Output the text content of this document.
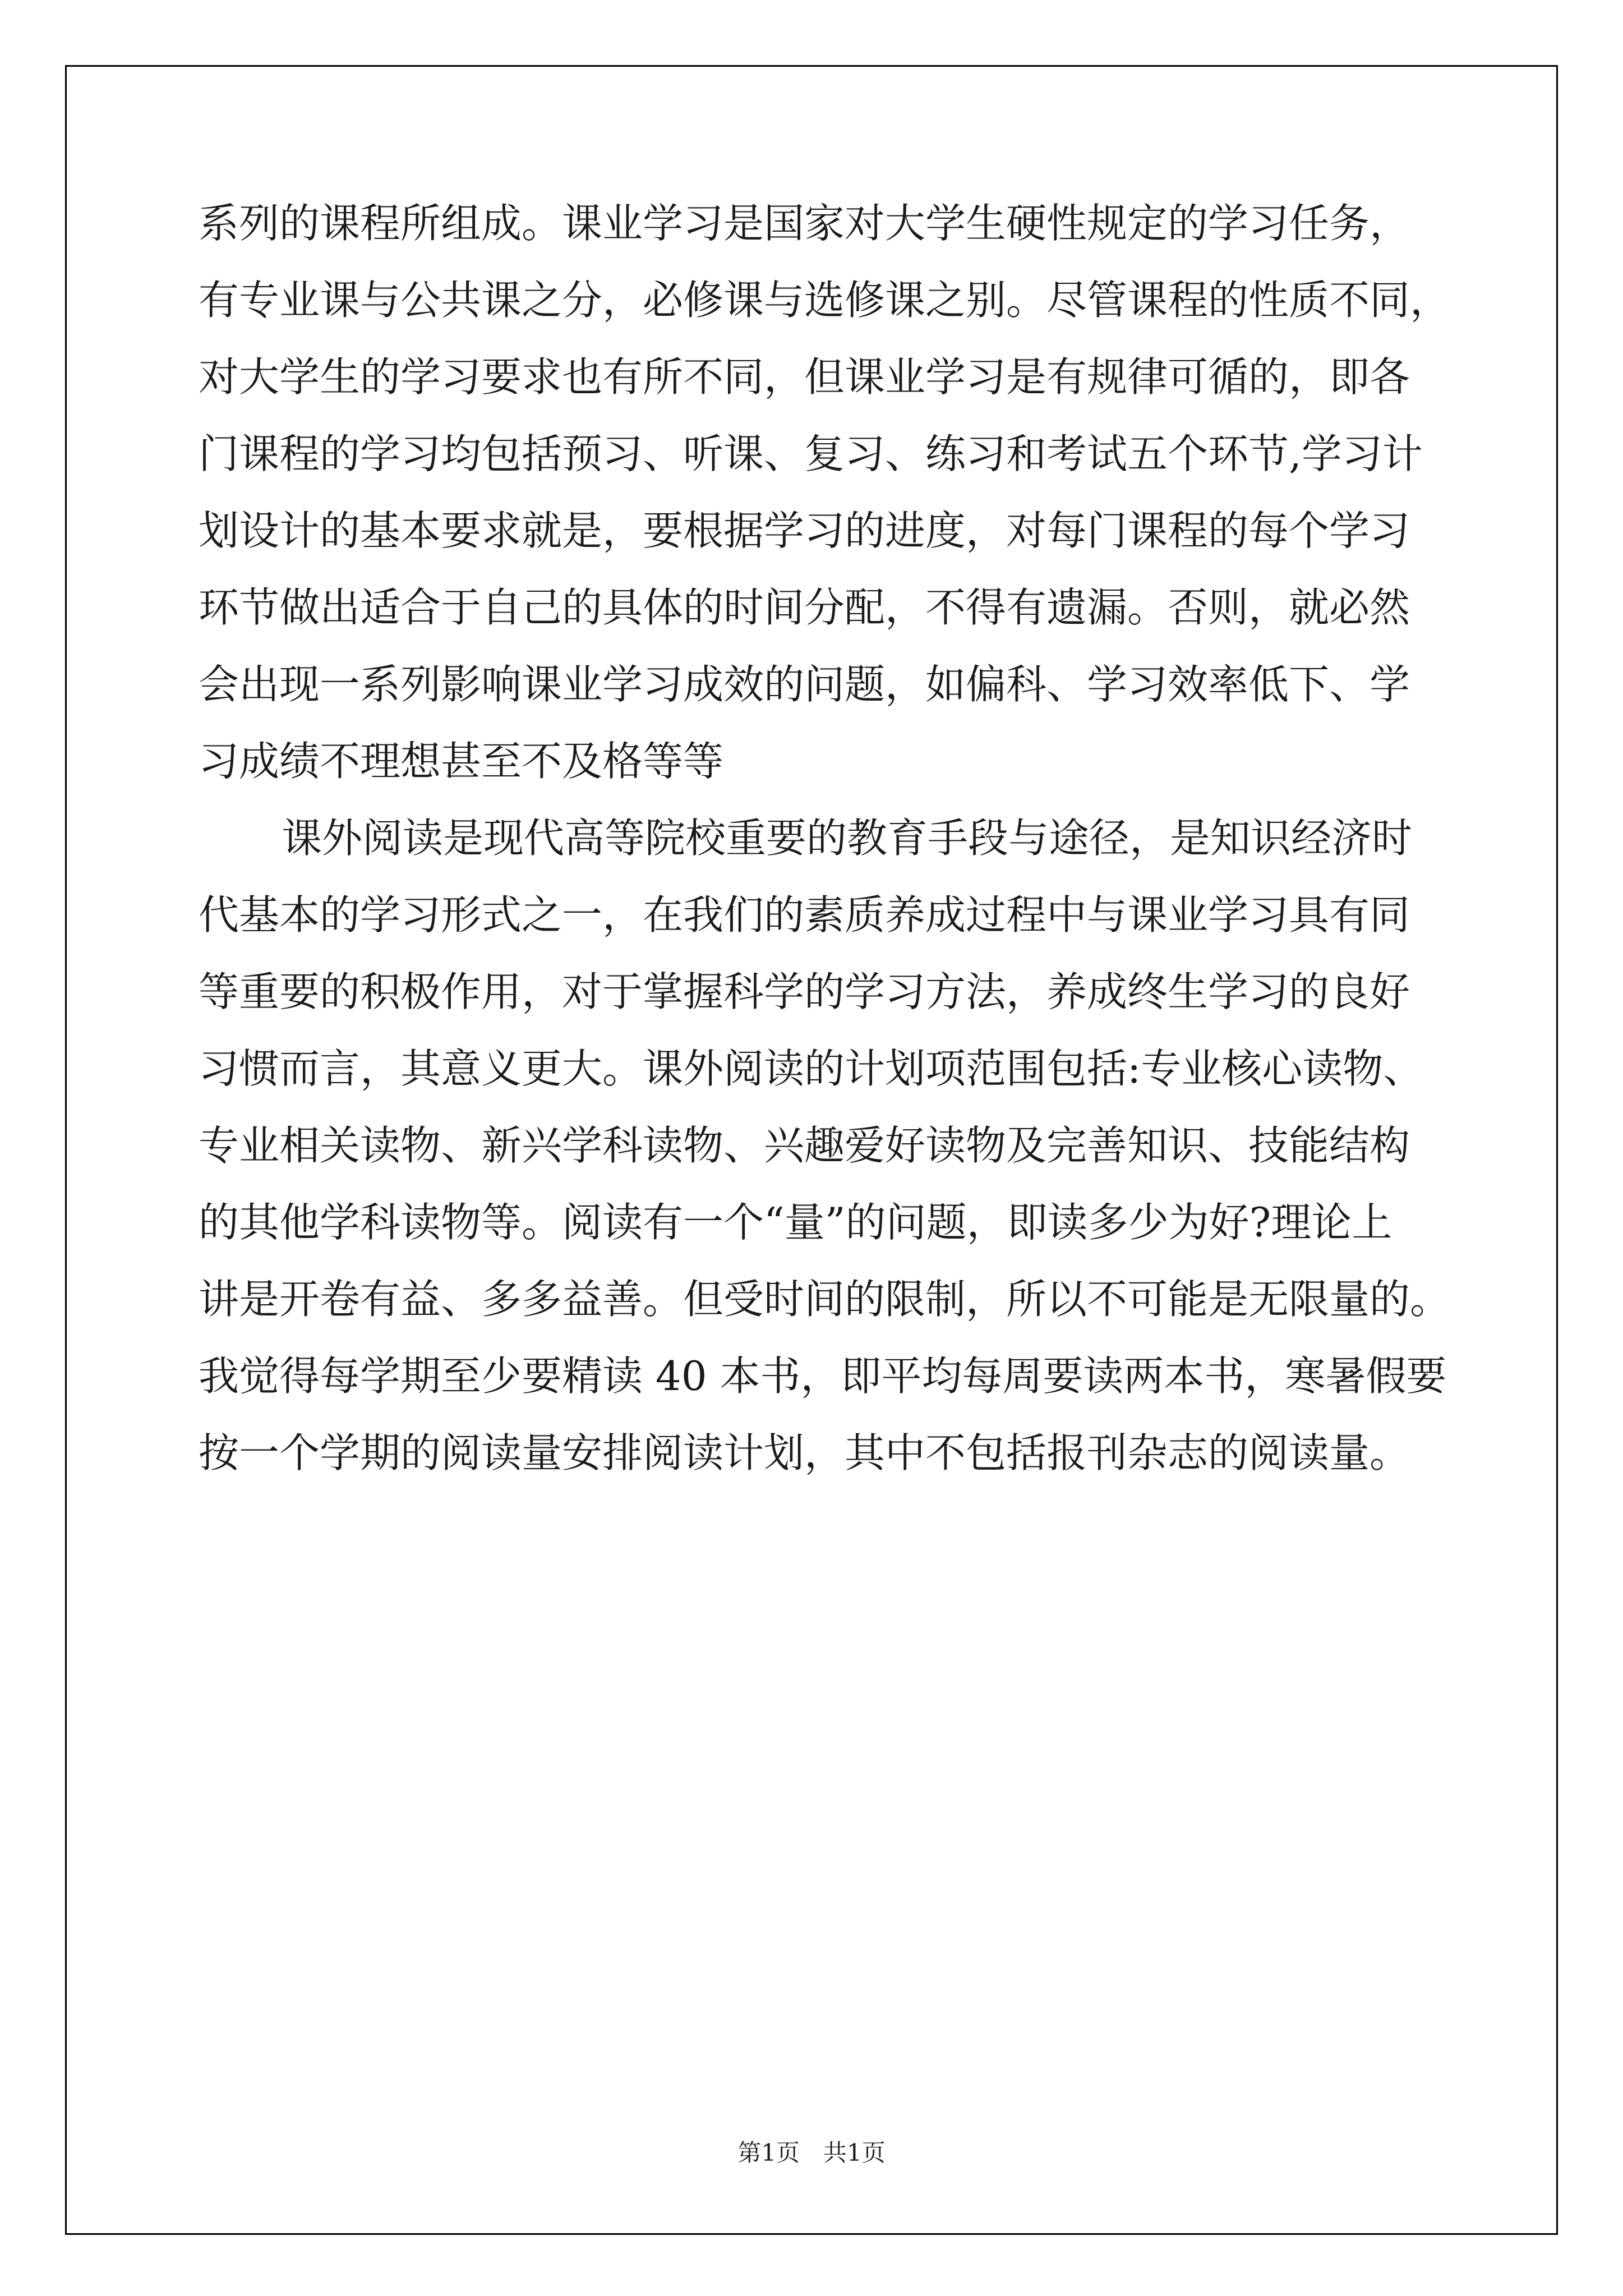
系列的课程所组成。课业学习是国家对大学生硬性规定的学习任务，
有专业课与公共课之分，必修课与选修课之别。尽管课程的性质不同，
对大学生的学习要求也有所不同，但课业学习是有规律可循的，即各
门课程的学习均包括预习、听课、复习、练习和考试五个环节,学习计
划设计的基本要求就是，要根据学习的进度，对每门课程的每个学习
环节做出适合于自己的具体的时间分配，不得有遗漏。否则，就必然
会出现一系列影响课业学习成效的问题，如偏科、学习效率低下、学
习成绩不理想甚至不及格等等
课外阅读是现代高等院校重要的教育手段与途径，是知识经济时
代基本的学习形式之一，在我们的素质养成过程中与课业学习具有同
等重要的积极作用，对于掌握科学的学习方法，养成终生学习的良好
习惯而言，其意义更大。课外阅读的计划项范围包括:专业核心读物、
专业相关读物、新兴学科读物、兴趣爱好读物及完善知识、技能结构
的其他学科读物等。阅读有一个“量”的问题，即读多少为好?理论上
讲是开卷有益、多多益善。但受时间的限制，所以不可能是无限量的。
我觉得每学期至少要精读 40 本书，即平均每周要读两本书，寒暑假要
按一个学期的阅读量安排阅读计划，其中不包括报刊杂志的阅读量。
第1页　共1页
